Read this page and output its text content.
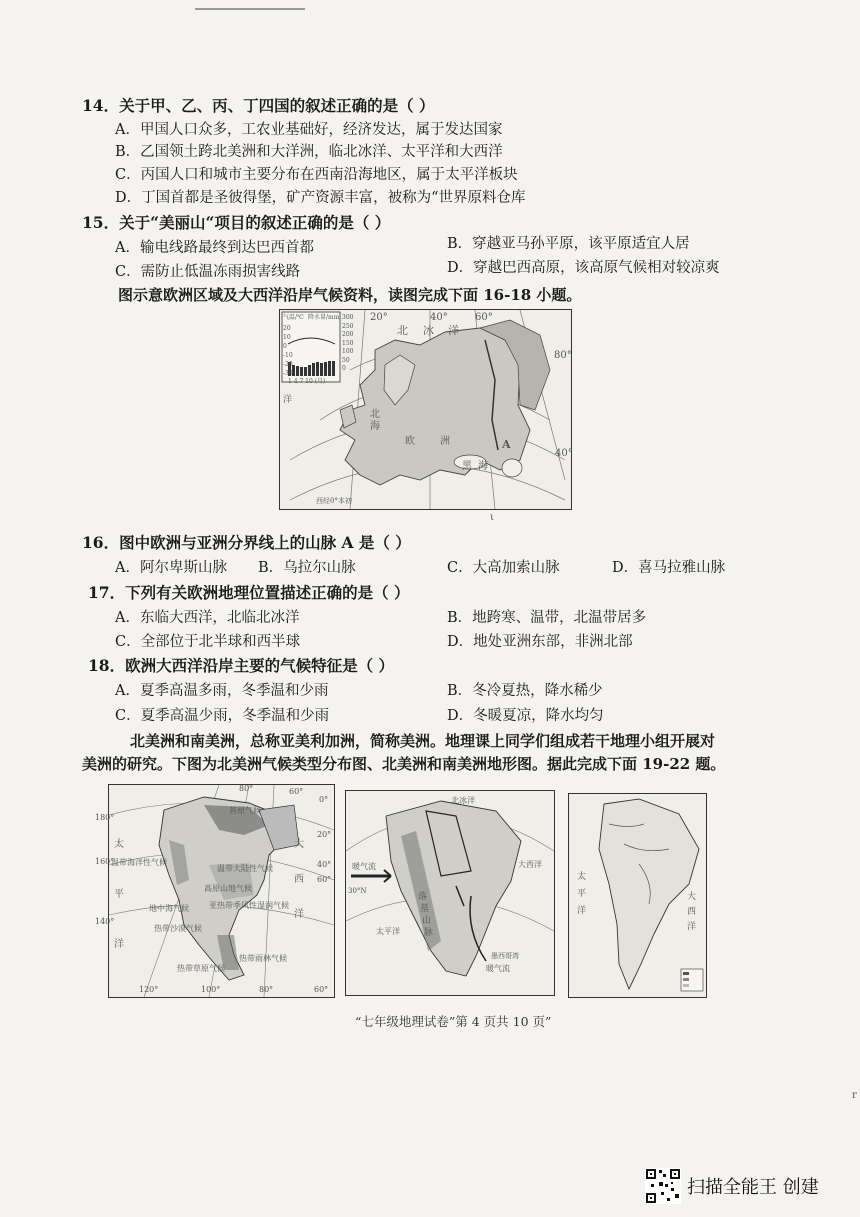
14．关于甲、乙、丙、丁四国的叙述正确的是（ ）
A．甲国人口众多，工农业基础好，经济发达，属于发达国家
B．乙国领土跨北美洲和大洋洲，临北冰洋、太平洋和大西洋
C．丙国人口和城市主要分布在西南沿海地区，属于太平洋板块
D．丁国首都是圣彼得堡，矿产资源丰富，被称为“世界原料仓库
15．关于“美丽山“项目的叙述正确的是（ ）
A．输电线路最终到达巴西首都	B．穿越亚马孙平原，该平原适宜人居
C．需防止低温冻雨损害线路	D．穿越巴西高原，该高原气候相对较凉爽
图示意欧洲区域及大西洋沿岸气候资料，读图完成下面 16-18 小题。
气温/℃ 降水量/mm 300
250
200
150
100
50
0
20
10
0
-10
-20
-30
1 4 7 10 (月)
北 冰 洋
20°	40°	60°
80°
40°
洋
北
海
欧	洲
黑 海
A
西经0°本初
ι
16．图中欧洲与亚洲分界线上的山脉 A 是（ ）
A．阿尔卑斯山脉 B．乌拉尔山脉	C．大高加索山脉	D．喜马拉雅山脉
17．下列有关欧洲地理位置描述正确的是（ ）
A．东临大西洋，北临北冰洋	B．地跨寒、温带，北温带居多
C．全部位于北半球和西半球	D．地处亚洲东部，非洲北部
18．欧洲大西洋沿岸主要的气候特征是（ ）
A．夏季高温多雨，冬季温和少雨	B．冬冷夏热，降水稀少
C．夏季高温少雨，冬季温和少雨	D．冬暖夏凉，降水均匀
北美洲和南美洲，总称亚美利加洲，简称美洲。地理课上同学们组成若干地理小组开展对
美洲的研究。下图为北美洲气候类型分布图、北美洲和南美洲地形图。据此完成下面 19-22 题。
苔原气候
温带海洋性气候
温带大陆性气候
高原山地气候
亚热带季风性湿润气候
地中海气候
热带沙漠气候
热带草原气候
热带雨林气候
太
平
洋
大
西
洋
0°
20°
40°
60°
180°
160°
140°
80°	60°
120°	100°	80°	60°
北冰洋
暖气流
30°N
落
基
山
脉
大西洋
太平洋
墨 西 哥 湾
暖气流
太
平
洋
大
西
洋
“七年级地理试卷”第 4 页共 10 页”
r
扫描全能王 创建
